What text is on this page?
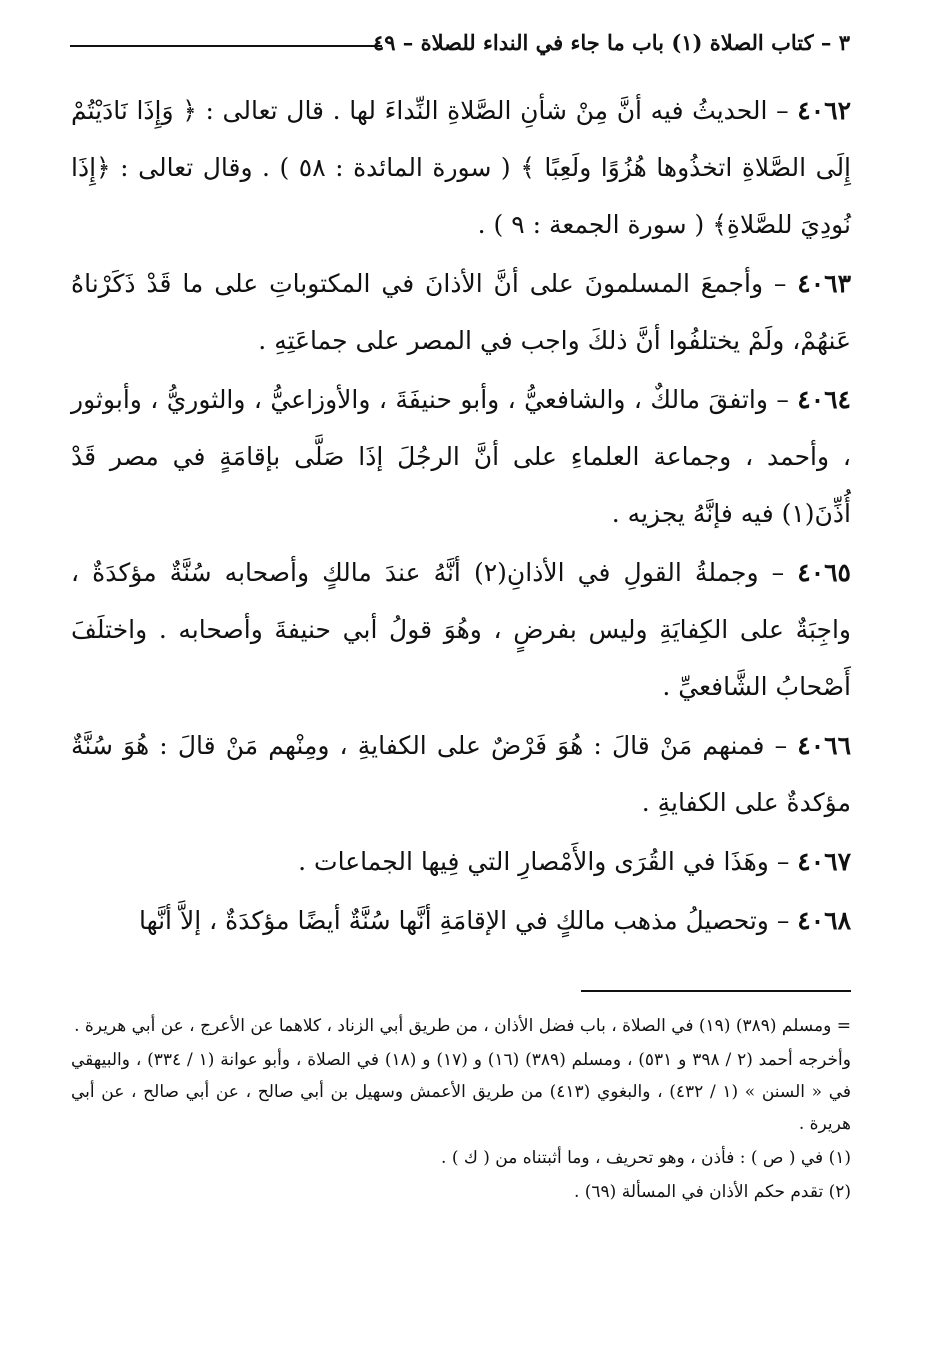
٣ – كتاب الصلاة (١) باب ما جاء في النداء للصلاة – ٤٩

٤٠٦٢ – الحديثُ فيه أنَّ مِنْ شأنِ الصَّلاةِ النِّداءَ لها . قال تعالى : ﴿ وَإِذَا نَادَيْتُمْ إِلَى الصَّلاةِ اتخذُوها هُزُوًا ولَعِبًا ﴾ ( سورة المائدة : ٥٨ ) . وقال تعالى : ﴿إِذَا نُودِيَ للصَّلاةِ﴾ ( سورة الجمعة : ٩ ) .

٤٠٦٣ – وأجمعَ المسلمونَ على أنَّ الأذانَ في المكتوباتِ على ما قَدْ ذَكَرْناهُ عَنهُمْ، ولَمْ يختلفُوا أنَّ ذلكَ واجب في المصر على جماعَتِهِ .

٤٠٦٤ – واتفقَ مالكٌ ، والشافعيُّ ، وأبو حنيفَةَ ، والأوزاعيُّ ، والثوريُّ ، وأبوثور ، وأحمد ، وجماعة العلماءِ على أنَّ الرجُلَ إذَا صَلَّى بإقامَةٍ في مصر قَدْ أُذِّنَ(١) فيه فإنَّهُ يجزيه .

٤٠٦٥ – وجملةُ القولِ في الأذانِ(٢) أنَّهُ عندَ مالكٍ وأصحابه سُنَّةٌ مؤكدَةٌ ، واجِبَةٌ على الكِفايَةِ وليس بفرضٍ ، وهُوَ قولُ أبي حنيفةَ وأصحابه . واختلَفَ أَصْحابُ الشَّافعيِّ .

٤٠٦٦ – فمنهم مَنْ قالَ : هُوَ فَرْضٌ على الكفايةِ ، ومِنْهم مَنْ قالَ : هُوَ سُنَّةٌ مؤكدةٌ على الكفايةِ .

٤٠٦٧ – وهَذَا في القُرَى والأَمْصارِ التي فِيها الجماعات .

٤٠٦٨ – وتحصيلُ مذهب مالكٍ في الإقامَةِ أنَّها سُنَّةٌ أيضًا مؤكدَةٌ ، إلاَّ أنَّها

= ومسلم (٣٨٩) (١٩) في الصلاة ، باب فضل الأذان ، من طريق أبي الزناد ، كلاهما عن الأعرج ، عن أبي هريرة .

وأخرجه أحمد (٢ / ٣٩٨ و ٥٣١) ، ومسلم (٣٨٩) (١٦) و (١٧) و (١٨) في الصلاة ، وأبو عوانة (١ / ٣٣٤) ، والبيهقي في « السنن » (١ / ٤٣٢) ، والبغوي (٤١٣) من طريق الأعمش وسهيل بن أبي صالح ، عن أبي صالح ، عن أبي هريرة .

(١) في ( ص ) : فأذن ، وهو تحريف ، وما أثبتناه من ( ك ) .

(٢) تقدم حكم الأذان في المسألة (٦٩) .
